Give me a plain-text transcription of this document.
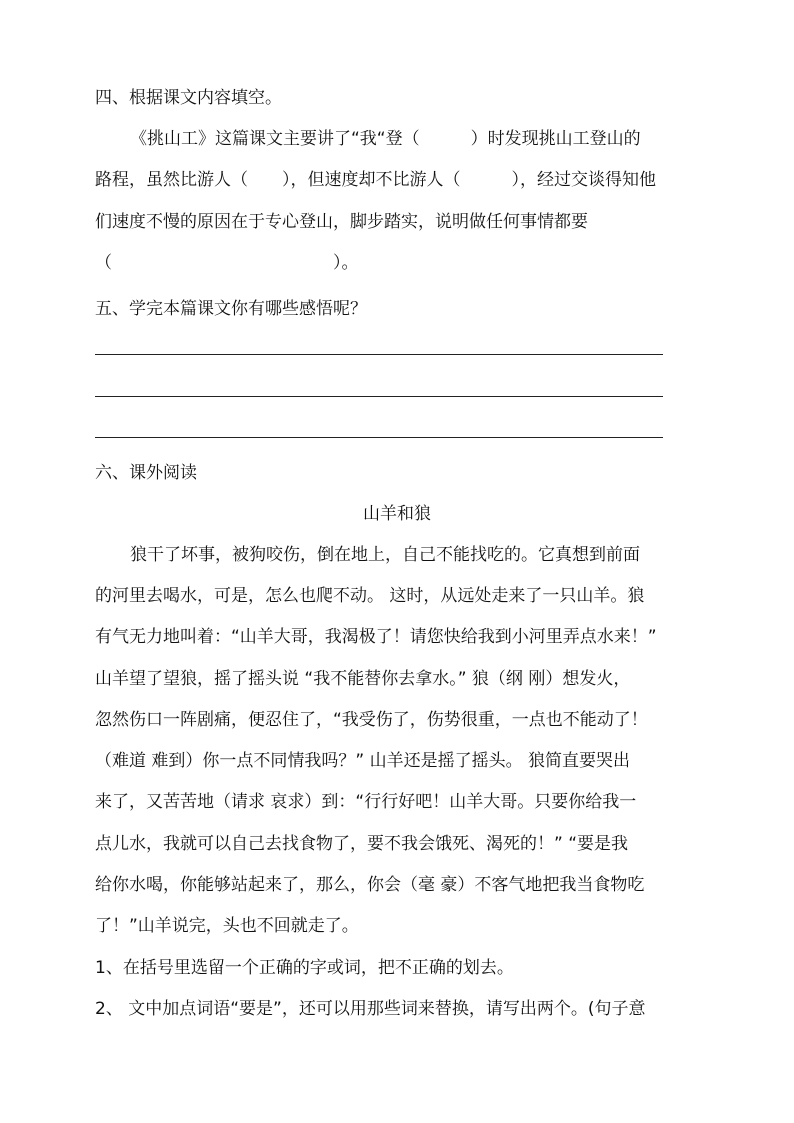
四、根据课文内容填空。
《挑山工》这篇课文主要讲了“我“登（　　　）时发现挑山工登山的
路程，虽然比游人（　　），但速度却不比游人（　　　），经过交谈得知他
们速度不慢的原因在于专心登山，脚步踏实，说明做任何事情都要
（　　　　　　　　　　　　　）。
五、学完本篇课文你有哪些感悟呢？
六、课外阅读
山羊和狼
狼干了坏事，被狗咬伤，倒在地上，自己不能找吃的。它真想到前面
的河里去喝水，可是，怎么也爬不动。 这时，从远处走来了一只山羊。狼
有气无力地叫着：“山羊大哥，我渴极了！请您快给我到小河里弄点水来！”
山羊望了望狼，摇了摇头说 “我不能替你去拿水。” 狼（纲 刚）想发火，
忽然伤口一阵剧痛，便忍住了，“我受伤了，伤势很重，一点也不能动了！
（难道 难到）你一点不同情我吗？” 山羊还是摇了摇头。 狼简直要哭出
来了，又苦苦地（请求 哀求）到：“行行好吧！山羊大哥。只要你给我一
点儿水，我就可以自己去找食物了，要不我会饿死、渴死的！” “要是我
给你水喝，你能够站起来了，那么，你会（毫 豪）不客气地把我当食物吃
了！”山羊说完，头也不回就走了。
1、在括号里选留一个正确的字或词，把不正确的划去。
2、 文中加点词语“要是”，还可以用那些词来替换，请写出两个。(句子意
